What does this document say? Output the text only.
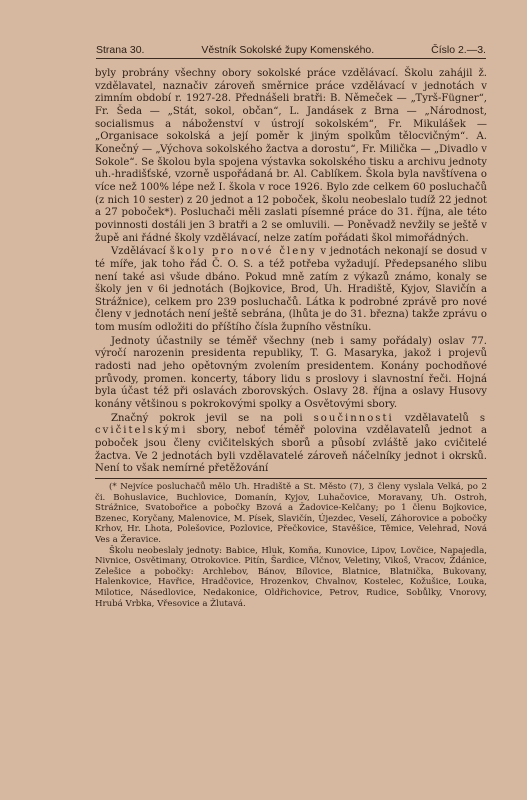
Strana 30.	Věstník Sokolské župy Komenského.	Číslo 2.—3.

byly probrány všechny obory sokolské práce vzdělávací. Školu zahájil ž. vzdělavatel, naznačiv zároveň směrnice práce vzdělávací v jednotách v zimním období r. 1927-28. Přednášeli bratři: B. Němeček — „Tyrš-Fügner“, Fr. Šeda — „Stát, sokol, občan“, L. Jandásek z Brna — „Národnost, socialismus a náboženství v ústrojí sokolském“, Fr. Mikulášek — „Organisace sokolská a její poměr k jiným spolkům tělocvičným“. A. Konečný — „Výchova sokolského žactva a dorostu“, Fr. Milička — „Divadlo v Sokole“. Se školou byla spojena výstavka sokolského tisku a archivu jednoty uh.-hradišťské, vzorně uspořádaná br. Al. Cablíkem. Škola byla navštívena o více než 100% lépe než I. škola v roce 1926. Bylo zde celkem 60 posluchačů (z nich 10 sester) z 20 jednot a 12 poboček, školu neobeslalo tudíž 22 jednot a 27 poboček*). Posluchači měli zaslati písemné práce do 31. října, ale této povinnosti dostáli jen 3 bratři a 2 se omluvili. — Poněvadž nevžily se ještě v župě ani řádné školy vzdělávací, nelze zatím pořádati škol mimořádných.

Vzdělávací školy pro nové členy v jednotách nekonají se dosud v té míře, jak toho řád Č. O. S. a též potřeba vyžadují. Předepsaného slibu není také asi všude dbáno. Pokud mně zatím z výkazů známo, konaly se školy jen v 6i jednotách (Bojkovice, Brod, Uh. Hradiště, Kyjov, Slavičín a Strážnice), celkem pro 239 posluchačů. Látka k podrobné zprávě pro nové členy v jednotách není ještě sebrána, (lhůta je do 31. března) takže zprávu o tom musím odložiti do příštího čísla župního věstníku.

Jednoty účastnily se téměř všechny (neb i samy pořádaly) oslav 77. výročí narozenin presidenta republiky, T. G. Masaryka, jakož i projevů radosti nad jeho opětovným zvolením presidentem. Konány pochodňové průvody, promen. koncerty, tábory lidu s proslovy i slavnostní řeči. Hojná byla účast též při oslavách zborovských. Oslavy 28. října a oslavy Husovy konány většinou s pokrokovými spolky a Osvětovými sbory.

Značný pokrok jevil se na poli součinnosti vzdělavatelů s cvičitelskými sbory, neboť téměř polovina vzdělavatelů jednot a poboček jsou členy cvičitelských sborů a působí zvláště jako cvičitelé žactva. Ve 2 jednotách byli vzdělavatelé zároveň náčelníky jednot i okrsků. Není to však nemírné přetěžování

(* Nejvíce posluchačů mělo Uh. Hradiště a St. Město (7), 3 členy vyslala Velká, po 2 či. Bohuslavice, Buchlovice, Domanín, Kyjov, Luhačovice, Moravany, Uh. Ostroh, Strážnice, Svatobořice a pobočky Bzová a Žadovice-Kelčany; po 1 členu Bojkovice, Bzenec, Koryčany, Malenovice, M. Písek, Slavičín, Újezdec, Veselí, Záhorovice a pobočky Krhov, Hr. Lhota, Polešovice, Pozlovice, Přečkovice, Stavěšice, Těmice, Velehrad, Nová Ves a Žeravice.

Školu neobeslaly jednoty: Babice, Hluk, Komňa, Kunovice, Lipov, Lovčice, Napajedla, Nivnice, Osvětimany, Otrokovice. Pitín, Šardice, Vlčnov, Veletiny, Vikoš, Vracov, Ždánice, Zelešice a pobočky: Archlebov, Bánov, Bílovice, Blatnice, Blatnička, Bukovany, Halenkovice, Havřice, Hradčovice, Hrozenkov, Chvalnov, Kostelec, Kožušice, Louka, Milotice, Násedlovice, Nedakonice, Oldřichovice, Petrov, Rudice, Sobůlky, Vnorovy, Hrubá Vrbka, Vřesovice a Žlutavá.
